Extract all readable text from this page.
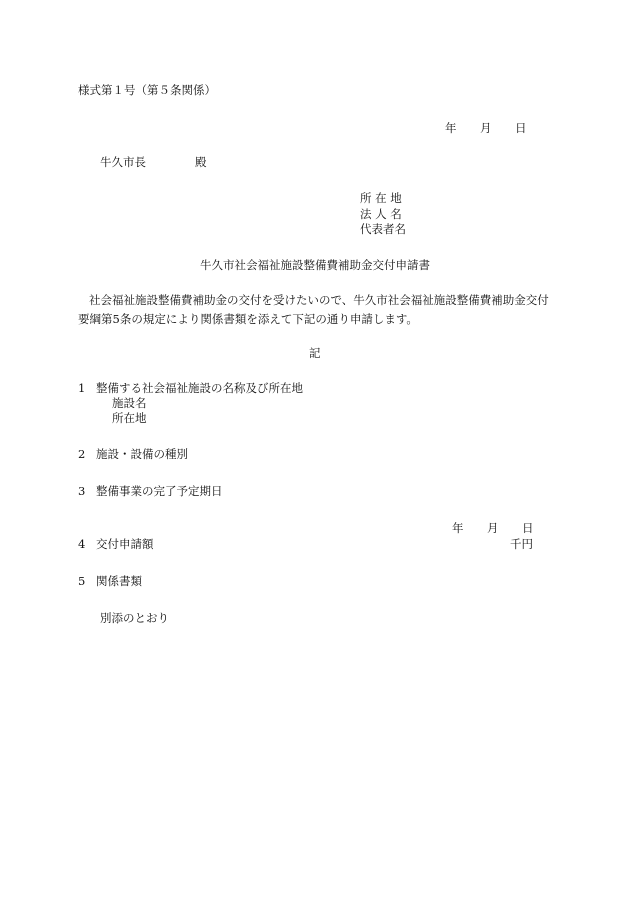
様式第１号（第５条関係）

年 月 日

牛久市長	殿

所 在 地

法 人 名

代表者名

牛久市社会福祉施設整備費補助金交付申請書

社会福祉施設整備費補助金の交付を受けたいので、牛久市社会福祉施設整備費補助金交付要綱第5条の規定により関係書類を添えて下記の通り申請します。

記

1 整備する社会福祉施設の名称及び所在地

施設名

所在地

2 施設・設備の種別

3 整備事業の完了予定期日

年 月 日

4 交付申請額	千円

5 関係書類

別添のとおり
